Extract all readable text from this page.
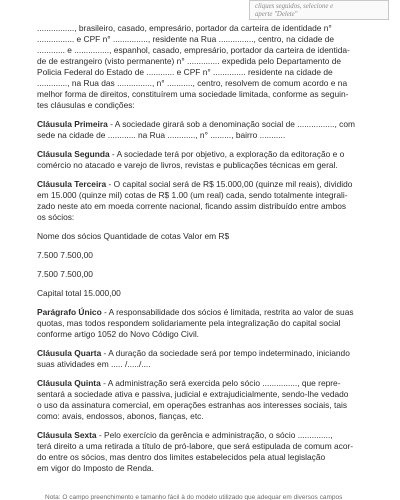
cliques seguidos, selecione e
aperte "Delete"
................, brasileiro, casado, empresário, portador da carteira de identidade n°
................ e CPF n° ..............., residente na Rua ..............., centro, na cidade de
............ e ..............., espanhol, casado, empresário, portador da carteira de identida-
de de estrangeiro (visto permanente) n° .............. expedida pelo Departamento de
Policia Federal do Estado de ............ e CPF n° .............. residente na cidade de
............., na Rua das ..............., n° ..........., centro, resolvem de comum acordo e na
melhor forma de direitos, constituírem uma sociedade limitada, conforme as seguin-
tes cláusulas e condições:
Cláusula Primeira - A sociedade girará sob a denominação social de ................, com
sede na cidade de ............ na Rua ............, n° ........., bairro ...........
Cláusula Segunda - A sociedade terá por objetivo, a exploração da editoração e o
comércio no atacado e varejo de livros, revistas e publicações técnicas em geral.
Cláusula Terceira - O capital social será de R$ 15.000,00 (quinze mil reais), dividido
em 15.000 (quinze mil) cotas de R$ 1.00 (um real) cada, sendo totalmente integrali-
zado neste ato em moeda corrente nacional, ficando assim distribuído entre ambos
os sócios:
Nome dos sócios Quantidade de cotas Valor em R$
7.500 7.500,00
7.500 7.500,00
Capital total 15.000,00
Parágrafo Único - A responsabilidade dos sócios é limitada, restrita ao valor de suas
quotas, mas todos respondem solidariamente pela integralização do capital social
conforme artigo 1052 do Novo Código Civil.
Cláusula Quarta - A duração da sociedade será por tempo indeterminado, iniciando
suas atividades em ..... /...../....
Cláusula Quinta - A administração será exercida pelo sócio ..............., que repre-
sentará a sociedade ativa e passiva, judicial e extrajudicialmente, sendo-lhe vedado
o uso da assinatura comercial, em operações estranhas aos interesses sociais, tais
como: avais, endossos, abonos, fianças, etc.
Cláusula Sexta - Pelo exercício da gerência e administração, o sócio ..............,
terá direito a uma retirada a título de pró-labore, que será estipulada de comum acor-
do entre os sócios, mas dentro dos limites estabelecidos pela atual legislação
em vigor do Imposto de Renda.
Nota: O campo preenchimento e tamanho fácil à do modelo utilizado que adequar em diversos campos
